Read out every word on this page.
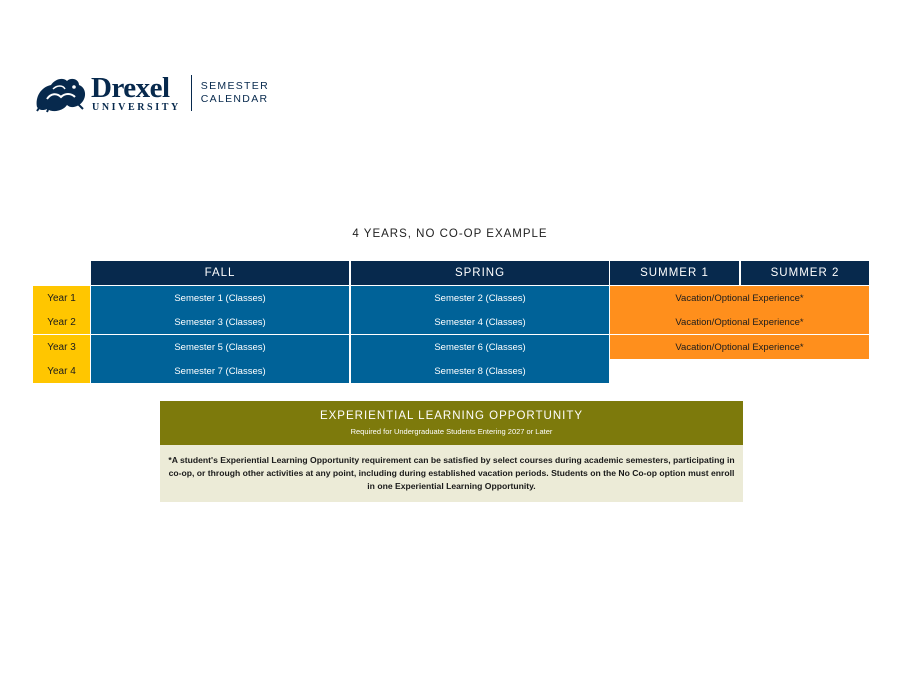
Drexel
UNIVERSITY
SEMESTER
CALENDAR
4 YEARS, NO CO-OP EXAMPLE
FALL	SPRING	SUMMER 1	SUMMER 2
Year 1	Semester 1 (Classes)	Semester 2 (Classes)	Vacation/Optional Experience*
Year 2	Semester 3 (Classes)	Semester 4 (Classes)	Vacation/Optional Experience*
Year 3	Semester 5 (Classes)	Semester 6 (Classes)	Vacation/Optional Experience*
Year 4	Semester 7 (Classes)	Semester 8 (Classes)
EXPERIENTIAL LEARNING OPPORTUNITY
Required for Undergraduate Students Entering 2027 or Later
*A student's Experiential Learning Opportunity requirement can be satisfied by select courses during academic semesters, participating in co-op, or through other activities at any point, including during established vacation periods. Students on the No Co-op option must enroll in one Experiential Learning Opportunity.
